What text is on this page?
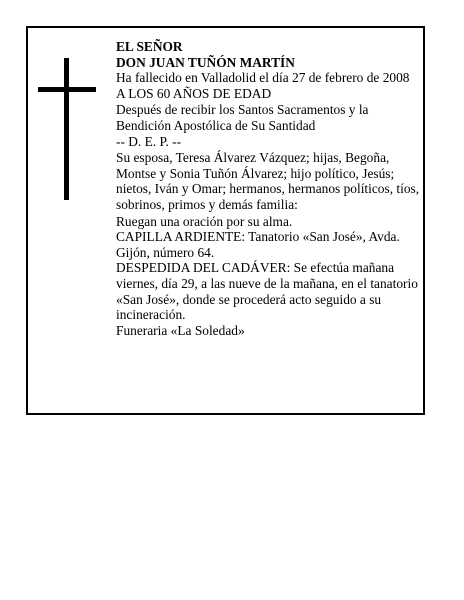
EL SEÑOR

DON JUAN TUÑÓN MARTÍN

Ha fallecido en Valladolid el día 27 de febrero de 2008

A LOS 60 AÑOS DE EDAD

Después de recibir los Santos Sacramentos y la Bendición Apostólica de Su Santidad

-- D. E. P. --

Su esposa, Teresa Álvarez Vázquez; hijas, Begoña, Montse y Sonia Tuñón Álvarez; hijo político, Jesús; nietos, Iván y Omar; hermanos, hermanos políticos, tíos, sobrinos, primos y demás familia:

Ruegan una oración por su alma.

CAPILLA ARDIENTE: Tanatorio «San José», Avda. Gijón, número 64.

DESPEDIDA DEL CADÁVER: Se efectúa mañana viernes, día 29, a las nueve de la mañana, en el tanatorio «San José», donde se procederá acto seguido a su incineración.

Funeraria «La Soledad»
